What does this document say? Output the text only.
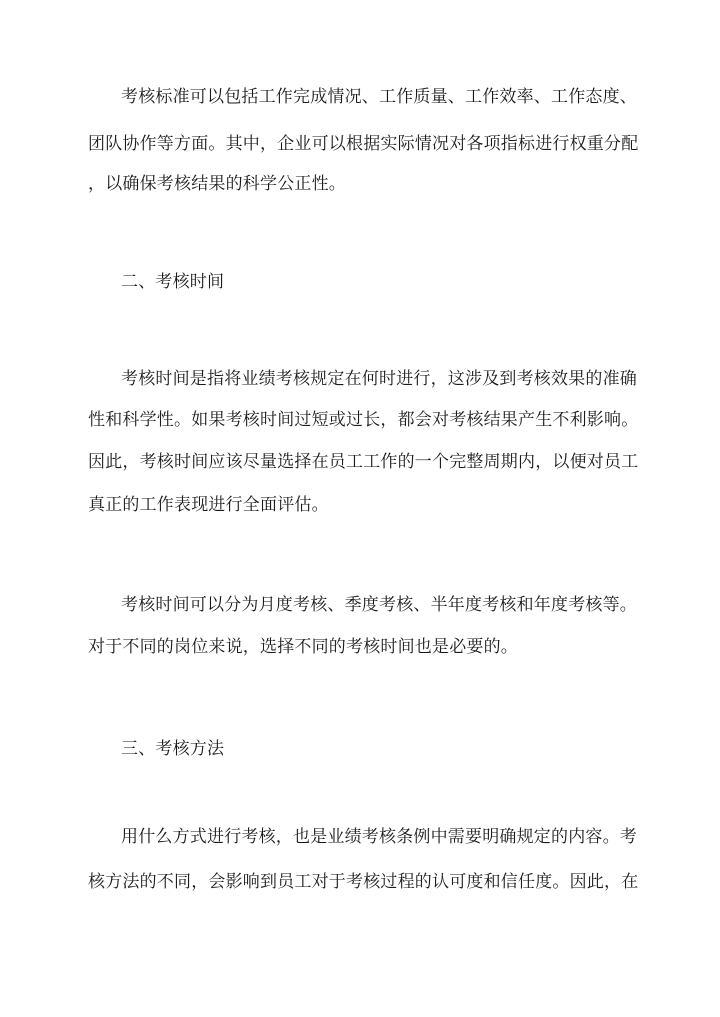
考核标准可以包括工作完成情况、工作质量、工作效率、工作态度、
团队协作等方面。其中，企业可以根据实际情况对各项指标进行权重分配
，以确保考核结果的科学公正性。
二、考核时间
考核时间是指将业绩考核规定在何时进行，这涉及到考核效果的准确
性和科学性。如果考核时间过短或过长，都会对考核结果产生不利影响。
因此，考核时间应该尽量选择在员工工作的一个完整周期内，以便对员工
真正的工作表现进行全面评估。
考核时间可以分为月度考核、季度考核、半年度考核和年度考核等。
对于不同的岗位来说，选择不同的考核时间也是必要的。
三、考核方法
用什么方式进行考核，也是业绩考核条例中需要明确规定的内容。考
核方法的不同，会影响到员工对于考核过程的认可度和信任度。因此，在
